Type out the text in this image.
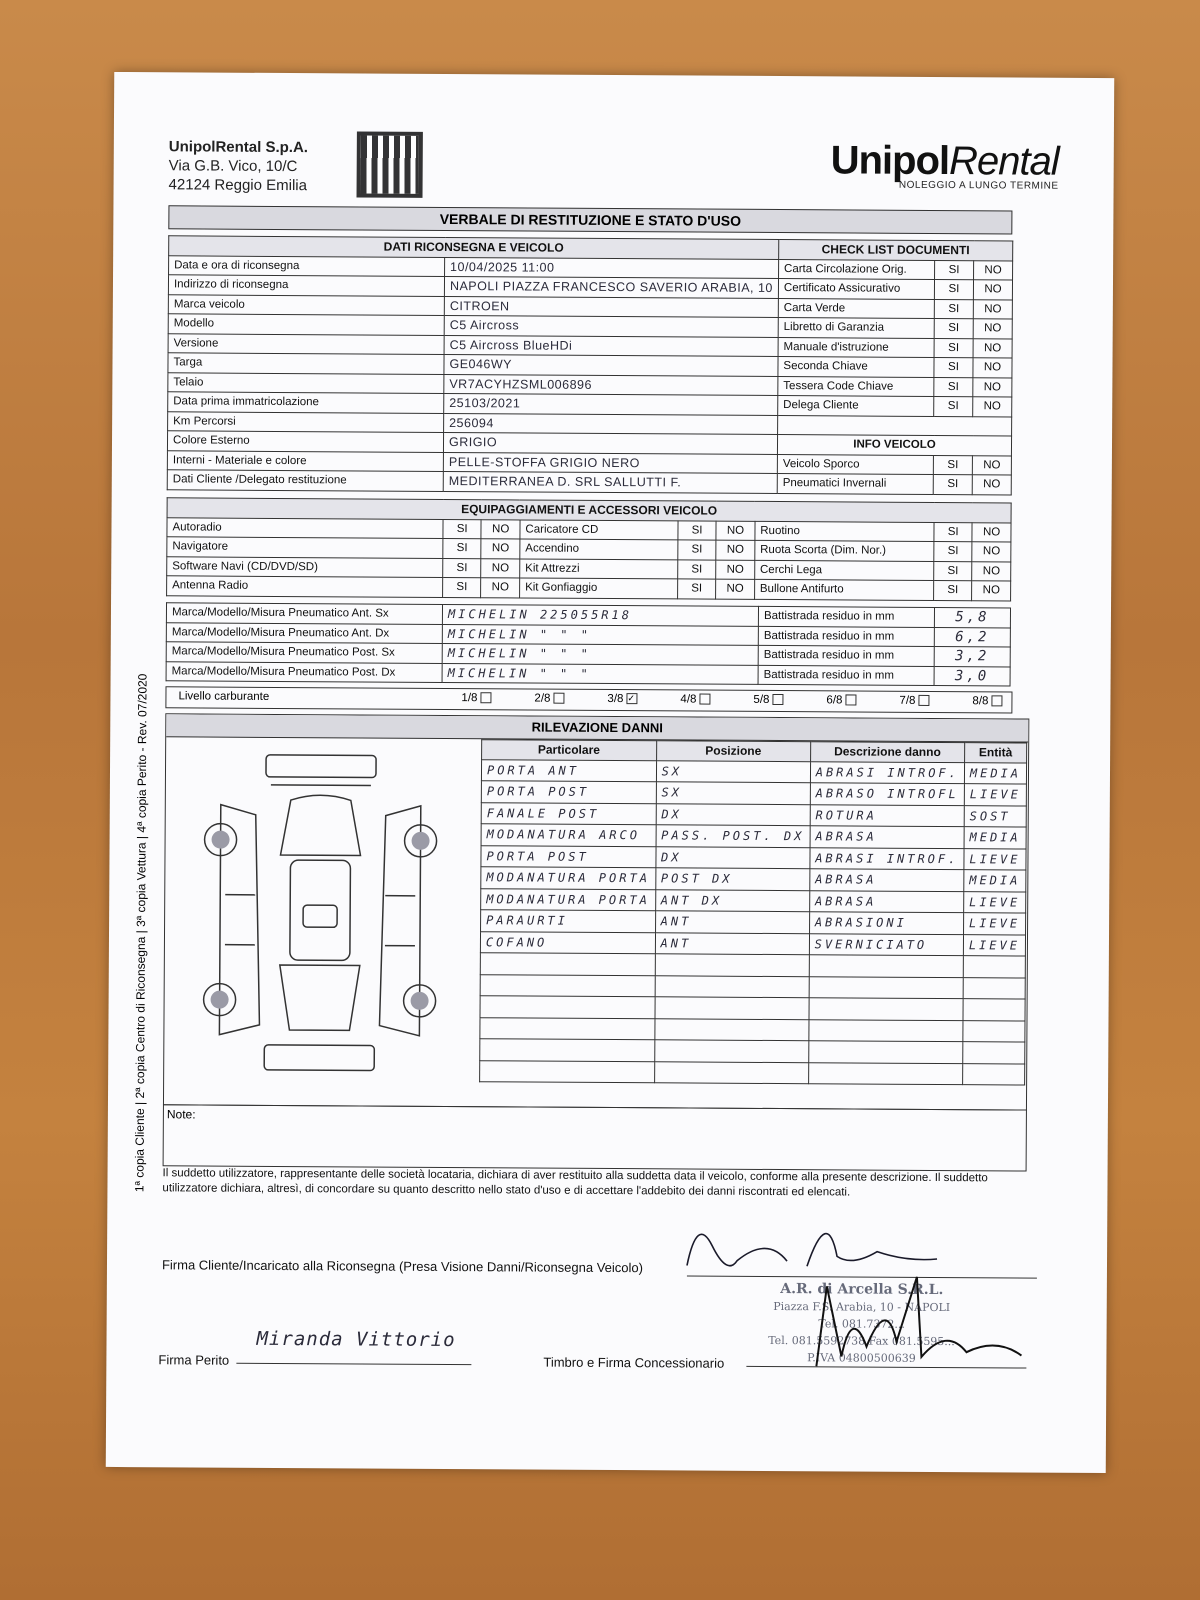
UnipolRental S.p.A.
Via G.B. Vico, 10/C
42124 Reggio Emilia
UnipolRental
NOLEGGIO A LUNGO TERMINE
VERBALE DI RESTITUZIONE E STATO D'USO
DATI RICONSEGNA E VEICOLO		CHECK LIST DOCUMENTI		
Data e ora di riconsegna	10/04/2025 11:00	Carta Circolazione Orig.	SI	NO
Indirizzo di riconsegna	NAPOLI PIAZZA FRANCESCO SAVERIO ARABIA, 10	Certificato Assicurativo	SI	NO
Marca veicolo	CITROEN	Carta Verde	SI	NO
Modello	C5 Aircross	Libretto di Garanzia	SI	NO
Versione	C5 Aircross BlueHDi	Manuale d'istruzione	SI	NO
Targa	GE046WY	Seconda Chiave	SI	NO
Telaio	VR7ACYHZSML006896	Tessera Code Chiave	SI	NO
Data prima immatricolazione	25103/2021	Delega Cliente	SI	NO
Km Percorsi	256094			
Colore Esterno	GRIGIO	INFO VEICOLO		
Interni - Materiale e colore	PELLE-STOFFA GRIGIO NERO	Veicolo Sporco	SI	NO
Dati Cliente /Delegato restituzione	MEDITERRANEA D. SRL SALLUTTI F.	Pneumatici Invernali	SI	NO
EQUIPAGGIAMENTI E ACCESSORI VEICOLO								
Autoradio	SI	NO	Caricatore CD	SI	NO	Ruotino	SI	NO
Navigatore	SI	NO	Accendino	SI	NO	Ruota Scorta (Dim. Nor.)	SI	NO
Software Navi (CD/DVD/SD)	SI	NO	Kit Attrezzi	SI	NO	Cerchi Lega	SI	NO
Antenna Radio	SI	NO	Kit Gonfiaggio	SI	NO	Bullone Antifurto	SI	NO
Marca/Modello/Misura Pneumatico Ant. Sx	MICHELIN 225055R18	Battistrada residuo in mm	5,8
Marca/Modello/Misura Pneumatico Ant. Dx	MICHELIN " " "	Battistrada residuo in mm	6,2
Marca/Modello/Misura Pneumatico Post. Sx	MICHELIN " " "	Battistrada residuo in mm	3,2
Marca/Modello/Misura Pneumatico Post. Dx	MICHELIN " " "	Battistrada residuo in mm	3,0
Livello carburante	1/8	2/8	3/8 ✓	4/8	5/8	6/8	7/8	8/8
RILEVAZIONE DANNI
Particolare	Posizione	Descrizione danno	Entità
PORTA ANT	SX	ABRASI INTROF.	MEDIA
PORTA POST	SX	ABRASO INTROFL	LIEVE
FANALE POST	DX	ROTURA	SOST
MODANATURA ARCO	PASS. POST. DX	ABRASA	MEDIA
PORTA POST	DX	ABRASI INTROF.	LIEVE
MODANATURA PORTA	POST DX	ABRASA	MEDIA
MODANATURA PORTA	ANT DX	ABRASA	LIEVE
PARAURTI	ANT	ABRASIONI	LIEVE
COFANO	ANT	SVERNICIATO	LIEVE

Note:
Il suddetto utilizzatore, rappresentante delle società locataria, dichiara di aver restituito alla suddetta data il veicolo, conforme alla presente descrizione. Il suddetto utilizzatore dichiara, altresì, di concordare su quanto descritto nello stato d'uso e di accettare l'addebito dei danni riscontrati ed elencati.
Firma Cliente/Incaricato alla Riconsegna (Presa Visione Danni/Riconsegna Veicolo)
Firma Perito
Miranda Vittorio
Timbro e Firma Concessionario
A.R. di Arcella S.R.L.
Piazza F.S. Arabia, 10 - NAPOLI
Tel. 081.7372...
Tel. 081.5592738 Fax 081.5595...
P.IVA 04800500639
1ª copia Cliente | 2ª copia Centro di Riconsegna | 3ª copia Vettura | 4ª copia Perito - Rev. 07/2020
